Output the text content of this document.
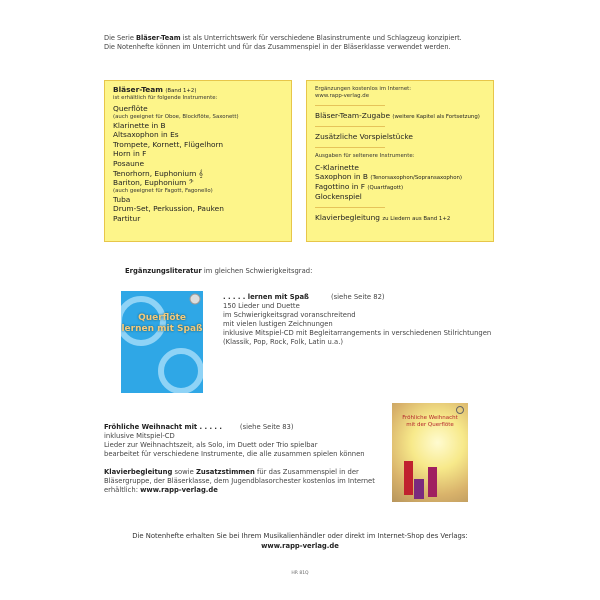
Die Serie Bläser-Team ist als Unterrichtswerk für verschiedene Blasinstrumente und Schlagzeug konzipiert.
Die Notenhefte können im Unterricht und für das Zusammenspiel in der Bläserklasse verwendet werden.
Bläser-Team (Band 1+2)
ist erhältlich für folgende Instrumente:
Querflöte
(auch geeignet für Oboe, Blockflöte, Saxonett)
Klarinette in B
Altsaxophon in Es
Trompete, Kornett, Flügelhorn
Horn in F
Posaune
Tenorhorn, Euphonium 𝄞
Bariton, Euphonium 𝄢
(auch geeignet für Fagott, Fagonello)
Tuba
Drum-Set, Perkussion, Pauken
Partitur
Ergänzungen kostenlos im Internet:
www.rapp-verlag.de
Bläser-Team-Zugabe (weitere Kapitel als Fortsetzung)
Zusätzliche Vorspielstücke
Ausgaben für seltenere Instrumente:
C-Klarinette
Saxophon in B (Tenorsaxophon/Sopransaxophon)
Fagottino in F (Quartfagott)
Glockenspiel
Klavierbegleitung zu Liedern aus Band 1+2
Ergänzungsliteratur im gleichen Schwierigkeitsgrad:
Querflöte lernen mit Spaß
. . . . . lernen mit Spaß	(siehe Seite 82)
150 Lieder und Duette
im Schwierigkeitsgrad voranschreitend
mit vielen lustigen Zeichnungen
inklusive Mitspiel-CD mit Begleitarrangements in verschiedenen Stilrichtungen (Klassik, Pop, Rock, Folk, Latin u.a.)
Fröhliche Weihnacht mit der Querflöte
Fröhliche Weihnacht mit . . . . .	(siehe Seite 83)
inklusive Mitspiel-CD
Lieder zur Weihnachtszeit, als Solo, im Duett oder Trio spielbar
bearbeitet für verschiedene Instrumente, die alle zusammen spielen können
Klavierbegleitung sowie Zusatzstimmen für das Zusammenspiel in der Bläsergruppe, der Bläserklasse, dem Jugendblasorchester kostenlos im Internet erhältlich: www.rapp-verlag.de
Die Notenhefte erhalten Sie bei Ihrem Musikalienhändler oder direkt im Internet-Shop des Verlags:
www.rapp-verlag.de
HR 81Q
